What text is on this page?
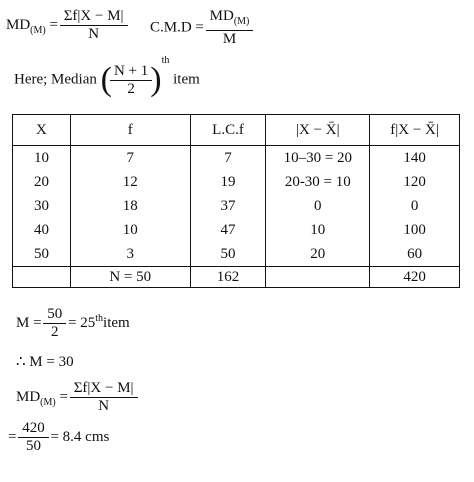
$MD_{(M)} = \frac{\Sigma f|X - M|}{N} C.M.D = \frac{MD_{(M)}}{M}$
Here; Median ( $\frac{N + 1}{2} )^{th}$ item
X	f	L.C.f	|X − X̄|	f|X − X̄|
10	7	7	10–30 = 20	140
20	12	19	20-30 = 10	120
30	18	37	0	0
40	10	47	10	100
50	3	50	20	60
	N = 50	162		420
$M = \frac{50}{2}$ = 25thitem
∴ M = 30
$MD_{(M)} = \frac{\Sigma f|X - M|}{N}$
= $\frac{420}{50} = 8.4$ cms
